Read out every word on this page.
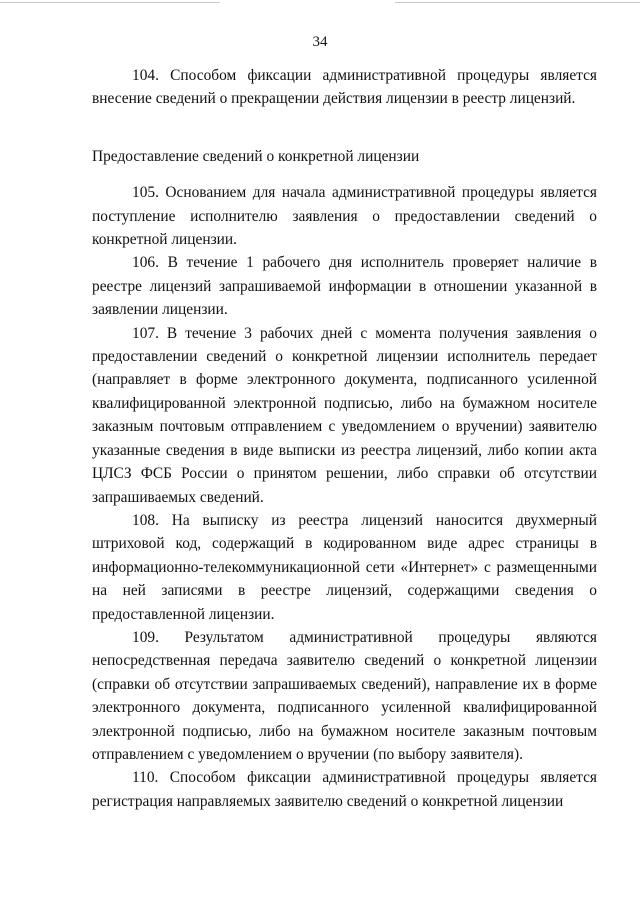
34

104. Способом фиксации административной процедуры является внесение сведений о прекращении действия лицензии в реестр лицензий.

Предоставление сведений о конкретной лицензии

105. Основанием для начала административной процедуры является поступление исполнителю заявления о предоставлении сведений о конкретной лицензии.

106. В течение 1 рабочего дня исполнитель проверяет наличие в реестре лицензий запрашиваемой информации в отношении указанной в заявлении лицензии.

107. В течение 3 рабочих дней с момента получения заявления о предоставлении сведений о конкретной лицензии исполнитель передает (направляет в форме электронного документа, подписанного усиленной квалифицированной электронной подписью, либо на бумажном носителе заказным почтовым отправлением с уведомлением о вручении) заявителю указанные сведения в виде выписки из реестра лицензий, либо копии акта ЦЛСЗ ФСБ России о принятом решении, либо справки об отсутствии запрашиваемых сведений.

108. На выписку из реестра лицензий наносится двухмерный штриховой код, содержащий в кодированном виде адрес страницы в информационно-телекоммуникационной сети «Интернет» с размещенными на ней записями в реестре лицензий, содержащими сведения о предоставленной лицензии.

109. Результатом административной процедуры являются непосредственная передача заявителю сведений о конкретной лицензии (справки об отсутствии запрашиваемых сведений), направление их в форме электронного документа, подписанного усиленной квалифицированной электронной подписью, либо на бумажном носителе заказным почтовым отправлением с уведомлением о вручении (по выбору заявителя).

110. Способом фиксации административной процедуры является регистрация направляемых заявителю сведений о конкретной лицензии
